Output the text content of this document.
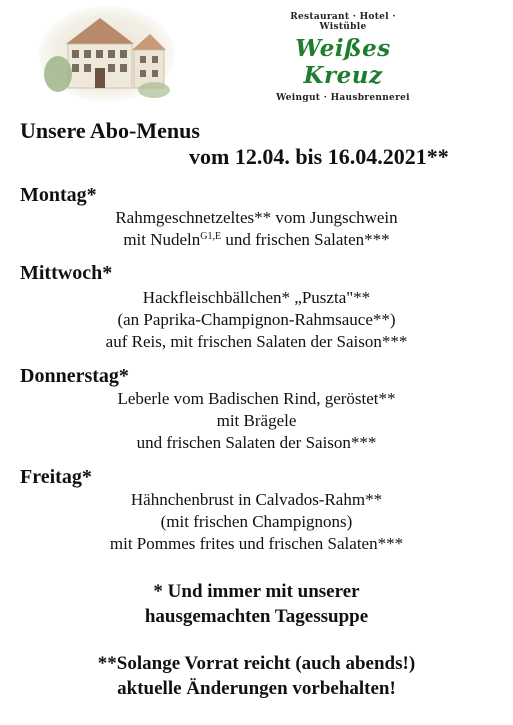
Restaurant · Hotel · Wistüble
Weißes Kreuz
Weingut · Hausbrennerei
Unsere Abo-Menus
vom 12.04. bis 16.04.2021**
Montag*
Rahmgeschnetzeltes** vom Jungschwein
mit Nudeln$^{G1,E}$ und frischen Salaten***
Mittwoch*
Hackfleischbällchen* „Puszta"**
(an Paprika-Champignon-Rahmsauce**)
auf Reis, mit frischen Salaten der Saison***
Donnerstag*
Leberle vom Badischen Rind, geröstet**
mit Brägele
und frischen Salaten der Saison***
Freitag*
Hähnchenbrust in Calvados-Rahm**
(mit frischen Champignons)
mit Pommes frites und frischen Salaten***
* Und immer mit unserer
hausgemachten Tagessuppe
**Solange Vorrat reicht (auch abends!)
aktuelle Änderungen vorbehalten!
